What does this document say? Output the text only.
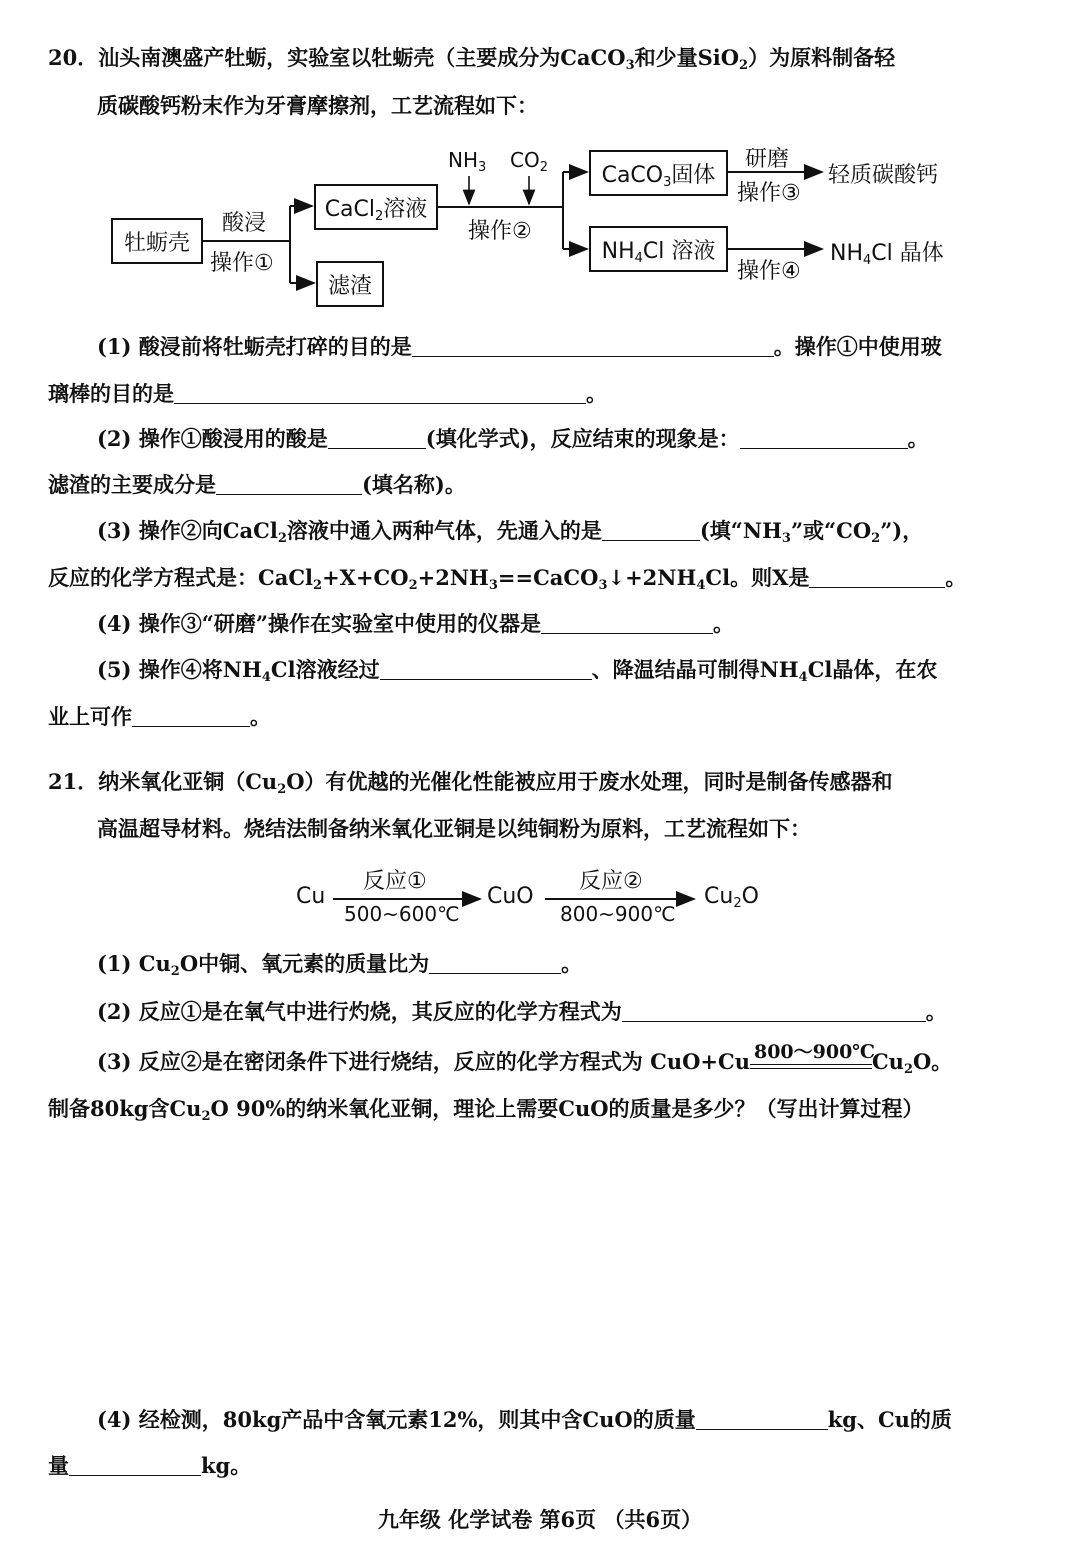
20．汕头南澳盛产牡蛎，实验室以牡蛎壳（主要成分为CaCO$_3$和少量SiO$_2$）为原料制备轻
质碳酸钙粉末作为牙膏摩擦剂，工艺流程如下：
牡蛎壳
酸浸
操作①
CaCl$_2$溶液
滤渣
$NH_3$ $CO_2$
操作②
CaCO$_3$固体
研磨
操作③
轻质碳酸钙
$NH_4Cl$ 溶液
操作④
$NH_4Cl$ 晶体
(1) 酸浸前将牡蛎壳打碎的目的是	。操作①中使用玻
璃棒的目的是	。
(2) 操作①酸浸用的酸是	(填化学式)，反应结束的现象是：	。
滤渣的主要成分是	(填名称)。
(3) 操作②向CaCl$_2$溶液中通入两种气体，先通入的是	(填“$NH_3$”或“$CO_2$”)，
反应的化学方程式是：$CaCl_2+X+CO_2+2NH_3==CaCO_3↓+2NH_4Cl$。则X是	。
(4) 操作③“研磨”操作在实验室中使用的仪器是	。
(5) 操作④将$NH_4Cl$溶液经过	、降温结晶可制得$NH_4Cl$晶体，在农
业上可作	。
21．纳米氧化亚铜$(Cu_2O)$有优越的光催化性能被应用于废水处理，同时是制备传感器和
高温超导材料。烧结法制备纳米氧化亚铜是以纯铜粉为原料，工艺流程如下：
Cu
反应①
500~600℃
CuO
反应②
800~900℃
$Cu_2O$
(1) $Cu_2O$中铜、氧元素的质量比为	。
(2) 反应①是在氧气中进行灼烧，其反应的化学方程式为	。
(3) 反应②是在密闭条件下进行烧结，反应的化学方程式为 CuO+Cu 800～900℃
$Cu_2O$。
制备80kg含$Cu_2O$ 90%的纳米氧化亚铜，理论上需要CuO的质量是多少？（写出计算过程）
(4) 经检测，80kg产品中含氧元素12%，则其中含CuO的质量	kg、Cu的质
量	kg。
九年级 化学试卷 第6页 （共6页）
